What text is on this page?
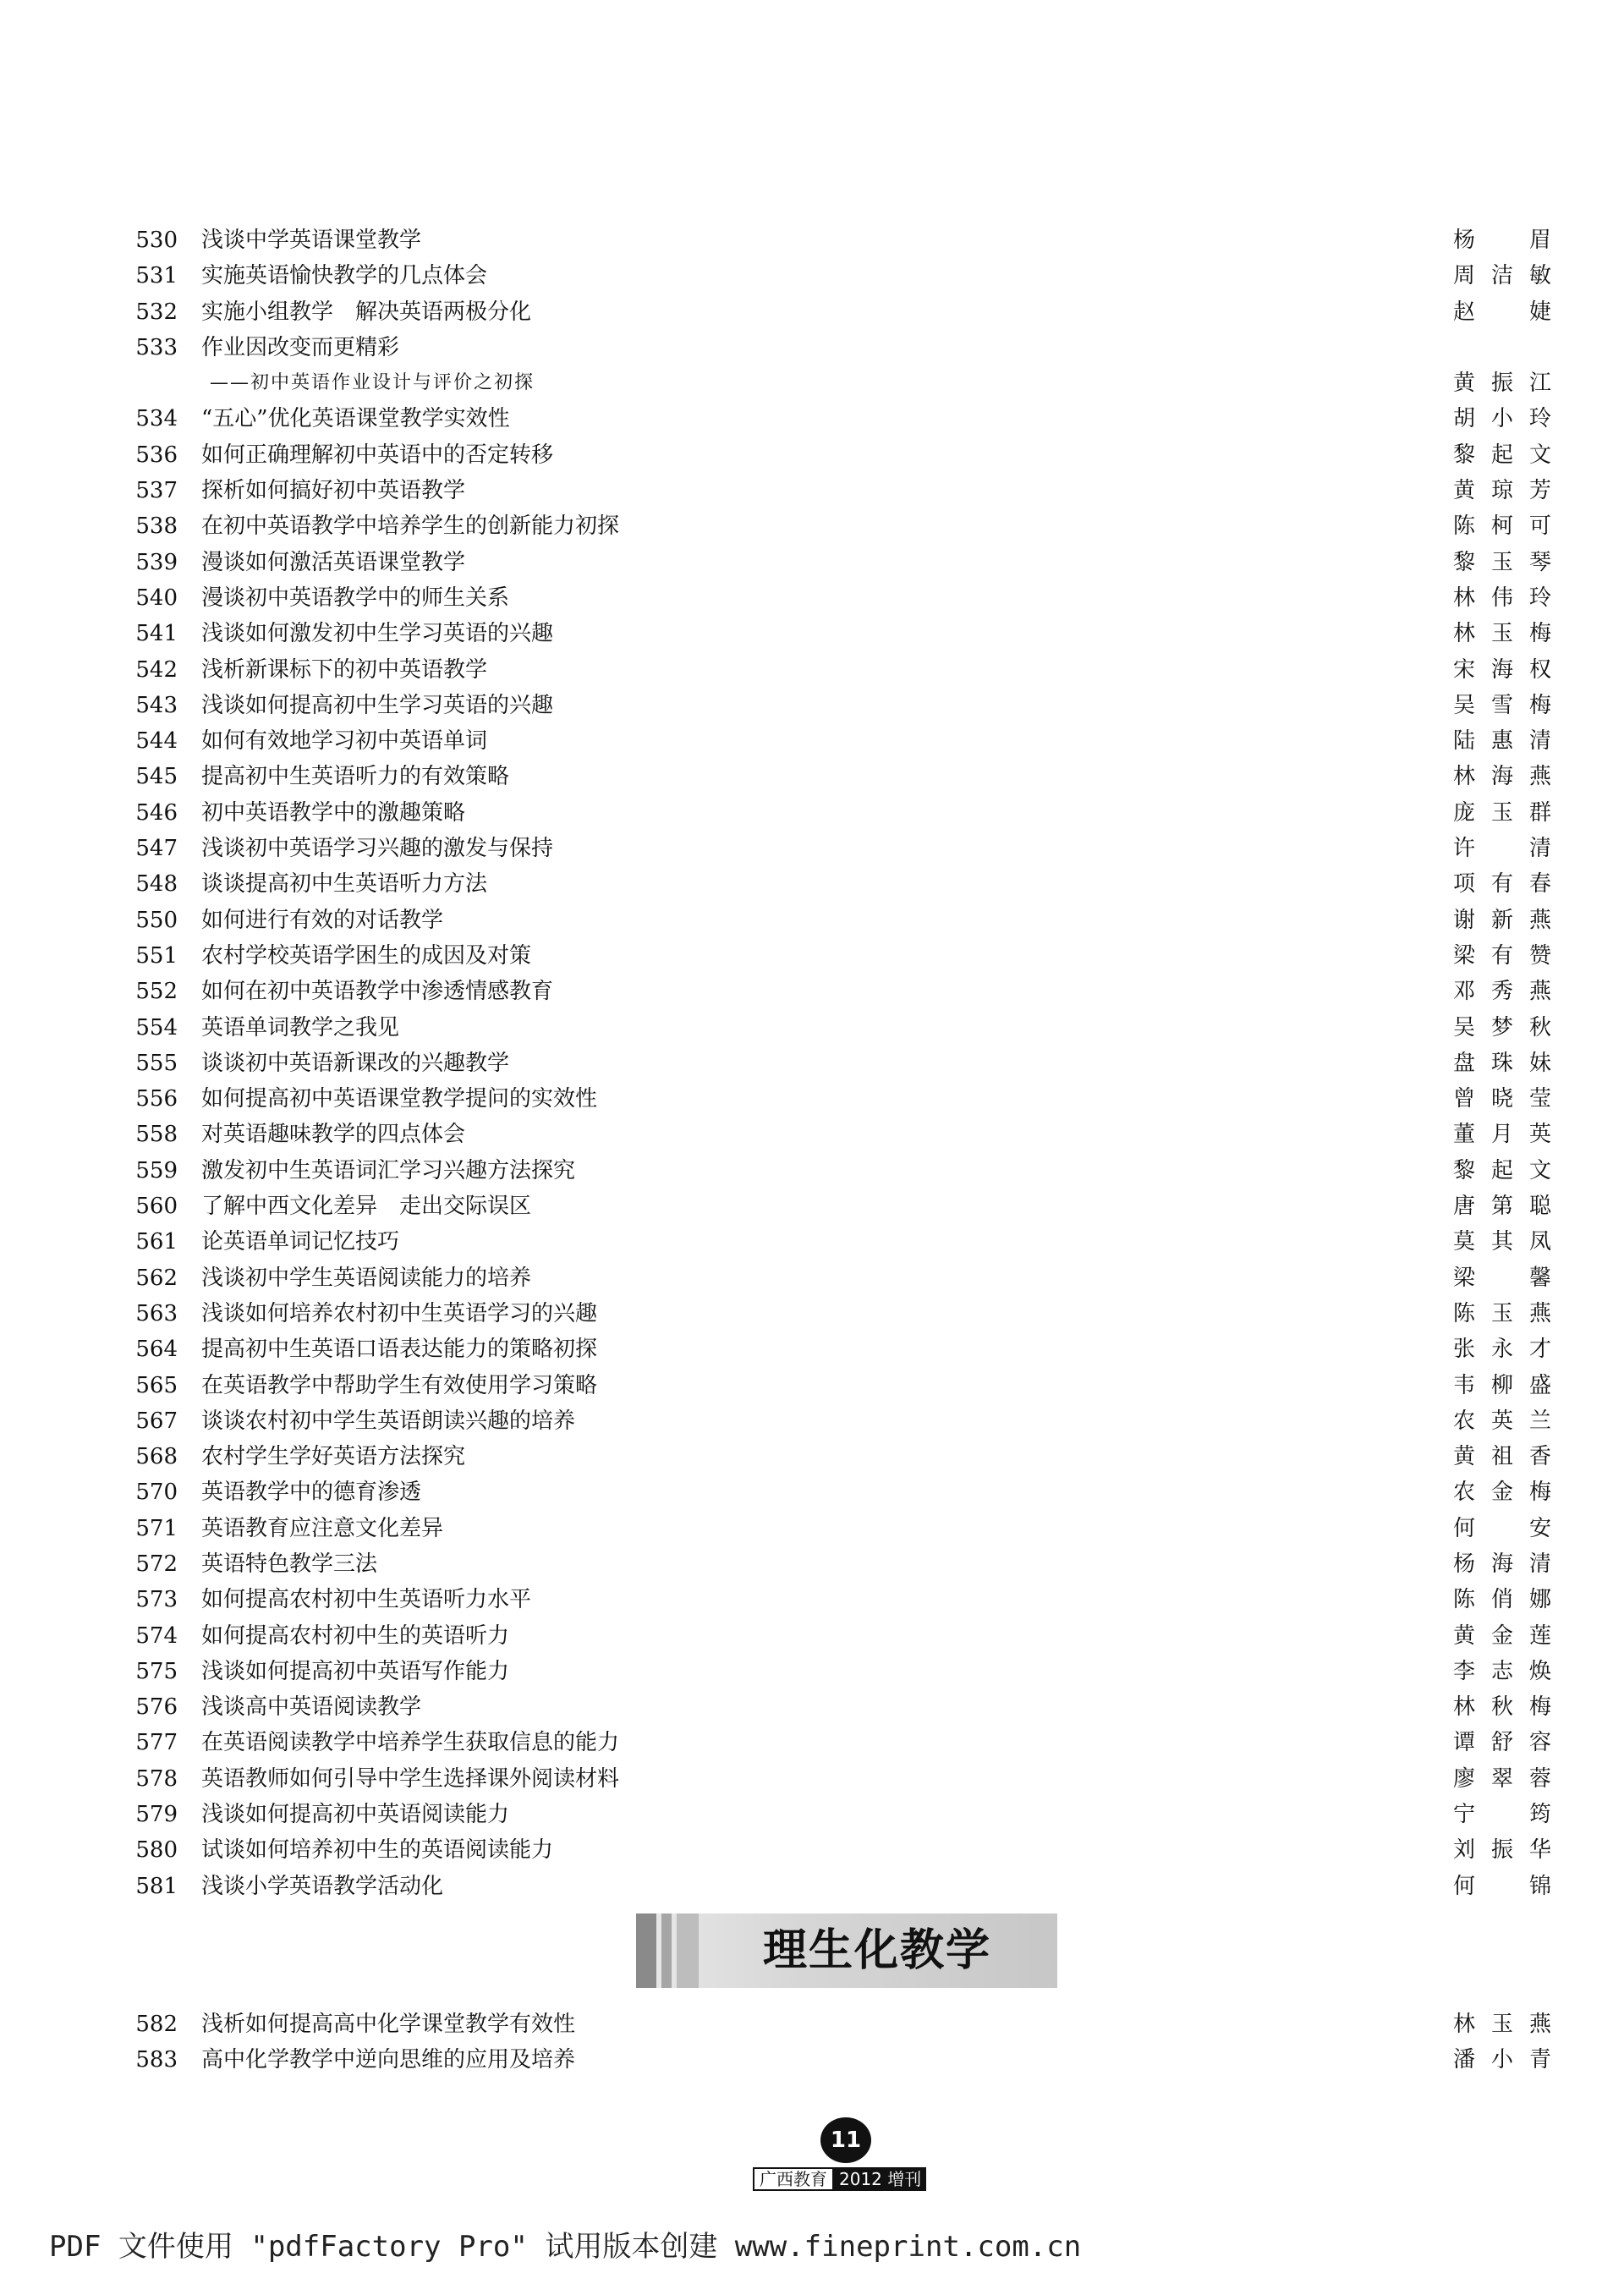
530 浅谈中学英语课堂教学	杨　眉
531 实施英语愉快教学的几点体会	周洁敏
532 实施小组教学　解决英语两极分化	赵　婕
533 作业因改变而更精彩
——初中英语作业设计与评价之初探	黄振江
534 “五心”优化英语课堂教学实效性	胡小玲
536 如何正确理解初中英语中的否定转移	黎起文
537 探析如何搞好初中英语教学	黄琼芳
538 在初中英语教学中培养学生的创新能力初探	陈柯可
539 漫谈如何激活英语课堂教学	黎玉琴
540 漫谈初中英语教学中的师生关系	林伟玲
541 浅谈如何激发初中生学习英语的兴趣	林玉梅
542 浅析新课标下的初中英语教学	宋海权
543 浅谈如何提高初中生学习英语的兴趣	吴雪梅
544 如何有效地学习初中英语单词	陆惠清
545 提高初中生英语听力的有效策略	林海燕
546 初中英语教学中的激趣策略	庞玉群
547 浅谈初中英语学习兴趣的激发与保持	许　清
548 谈谈提高初中生英语听力方法	项有春
550 如何进行有效的对话教学	谢新燕
551 农村学校英语学困生的成因及对策	梁有赞
552 如何在初中英语教学中渗透情感教育	邓秀燕
554 英语单词教学之我见	吴梦秋
555 谈谈初中英语新课改的兴趣教学	盘珠妹
556 如何提高初中英语课堂教学提问的实效性	曾晓莹
558 对英语趣味教学的四点体会	董月英
559 激发初中生英语词汇学习兴趣方法探究	黎起文
560 了解中西文化差异　走出交际误区	唐第聪
561 论英语单词记忆技巧	莫其凤
562 浅谈初中学生英语阅读能力的培养	梁　馨
563 浅谈如何培养农村初中生英语学习的兴趣	陈玉燕
564 提高初中生英语口语表达能力的策略初探	张永才
565 在英语教学中帮助学生有效使用学习策略	韦柳盛
567 谈谈农村初中学生英语朗读兴趣的培养	农英兰
568 农村学生学好英语方法探究	黄祖香
570 英语教学中的德育渗透	农金梅
571 英语教育应注意文化差异	何　安
572 英语特色教学三法	杨海清
573 如何提高农村初中生英语听力水平	陈俏娜
574 如何提高农村初中生的英语听力	黄金莲
575 浅谈如何提高初中英语写作能力	李志焕
576 浅谈高中英语阅读教学	林秋梅
577 在英语阅读教学中培养学生获取信息的能力	谭舒容
578 英语教师如何引导中学生选择课外阅读材料	廖翠蓉
579 浅谈如何提高初中英语阅读能力	宁　筠
580 试谈如何培养初中生的英语阅读能力	刘振华
581 浅谈小学英语教学活动化	何　锦
理生化教学
582 浅析如何提高高中化学课堂教学有效性	林玉燕
583 高中化学教学中逆向思维的应用及培养	潘小青
11
广西教育 2012 增刊
PDF 文件使用 "pdfFactory Pro" 试用版本创建 www.fineprint.com.cn
